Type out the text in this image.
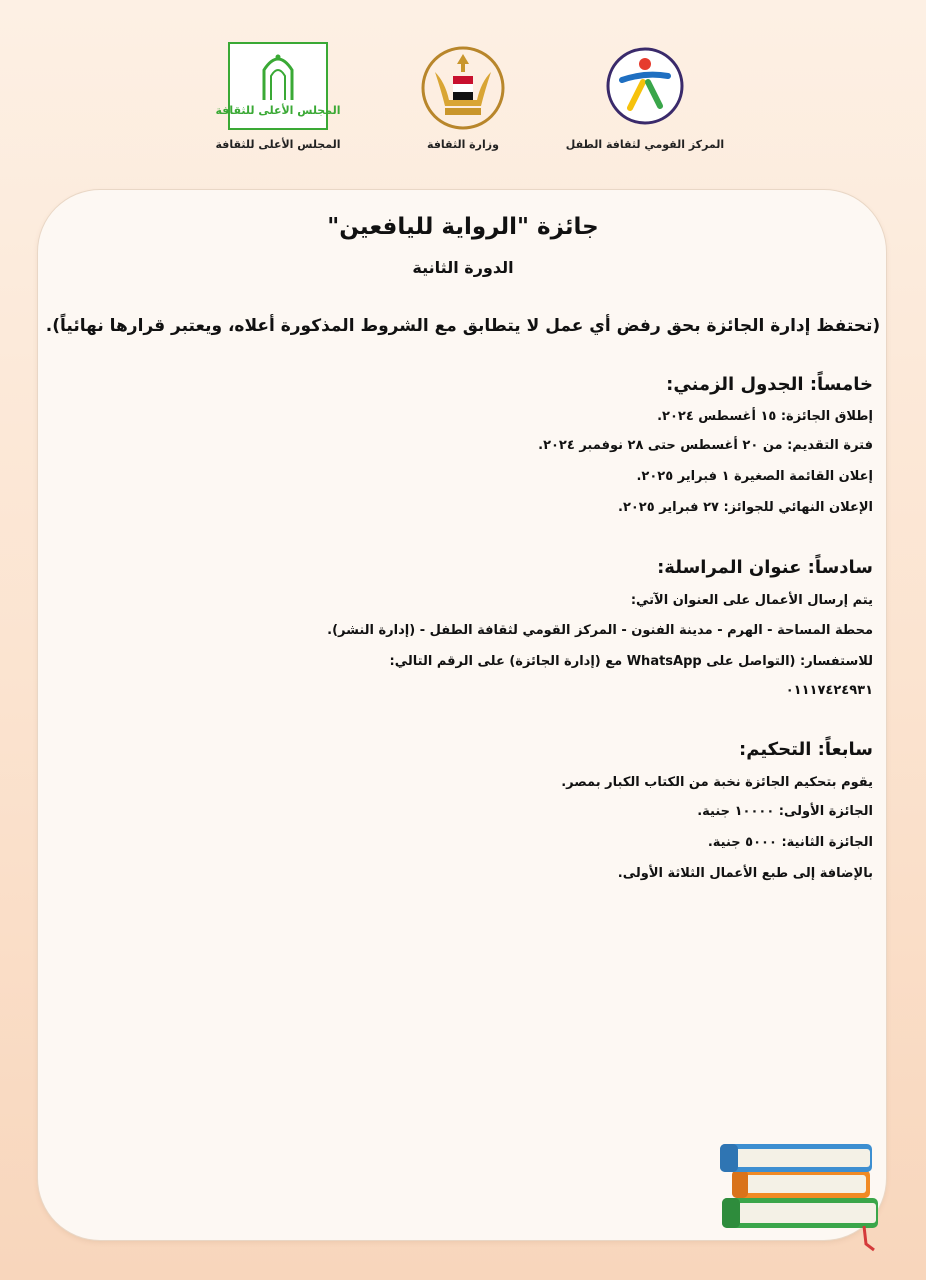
المجلس الأعلى للثقافة
المجلس الأعلى للثقافة	وزارة الثقافة	المركز القومي لثقافة الطفل
جائزة "الرواية لليافعين"
الدورة الثانية
(تحتفظ إدارة الجائزة بحق رفض أي عمل لا يتطابق مع الشروط المذكورة أعلاه، ويعتبر قرارها نهائياً).
خامساً: الجدول الزمني:
إطلاق الجائزة: ١٥ أغسطس ٢٠٢٤.
فترة التقديم: من ٢٠ أغسطس حتى ٢٨ نوفمبر ٢٠٢٤.
إعلان القائمة الصغيرة ١ فبراير ٢٠٢٥.
الإعلان النهائي للجوائز: ٢٧ فبراير ٢٠٢٥.
سادساً: عنوان المراسلة:
يتم إرسال الأعمال على العنوان الآتي:
محطة المساحة - الهرم - مدينة الفنون - المركز القومي لثقافة الطفل - (إدارة النشر).
للاستفسار: (التواصل على WhatsApp مع (إدارة الجائزة) على الرقم التالي:
٠١١١٧٤٢٤٩٣١
سابعاً: التحكيم:
يقوم بتحكيم الجائزة نخبة من الكتاب الكبار بمصر.
الجائزة الأولى: ١٠٠٠٠ جنية.
الجائزة الثانية: ٥٠٠٠ جنية.
بالإضافة إلى طبع الأعمال الثلاثة الأولى.
